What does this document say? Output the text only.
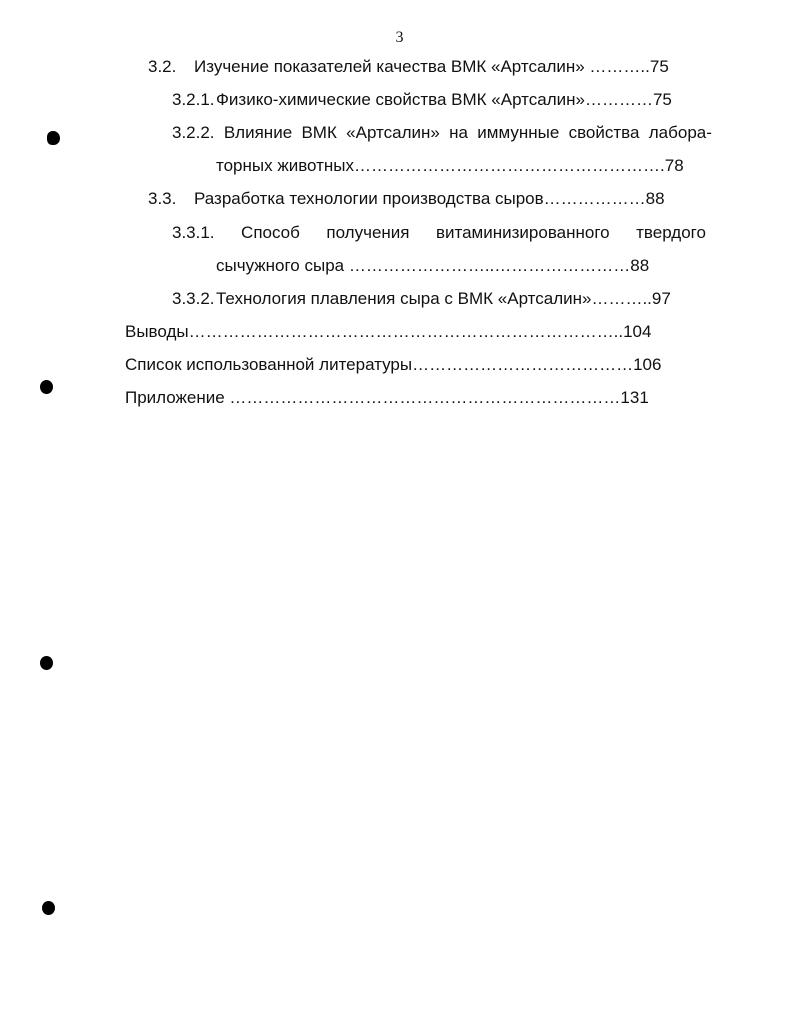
3
3.2. Изучение показателей качества ВМК «Артсалин» ………..75
3.2.1.Физико-химические свойства ВМК «Артсалин»…………75
3.2.2. Влияние ВМК «Артсалин» на иммунные свойства лабора-
торных животных……………………………………………….78
3.3. Разработка технологии производства сыров………………88
3.3.1. Способ получения витаминизированного твердого
сычужного сыра ……………………..……………………88
3.3.2.Технология плавления сыра с ВМК «Артсалин»………..97
Выводы…………………………………………………………………..104
Список использованной литературы…………………………………106
Приложение ……………………………………………………………131
